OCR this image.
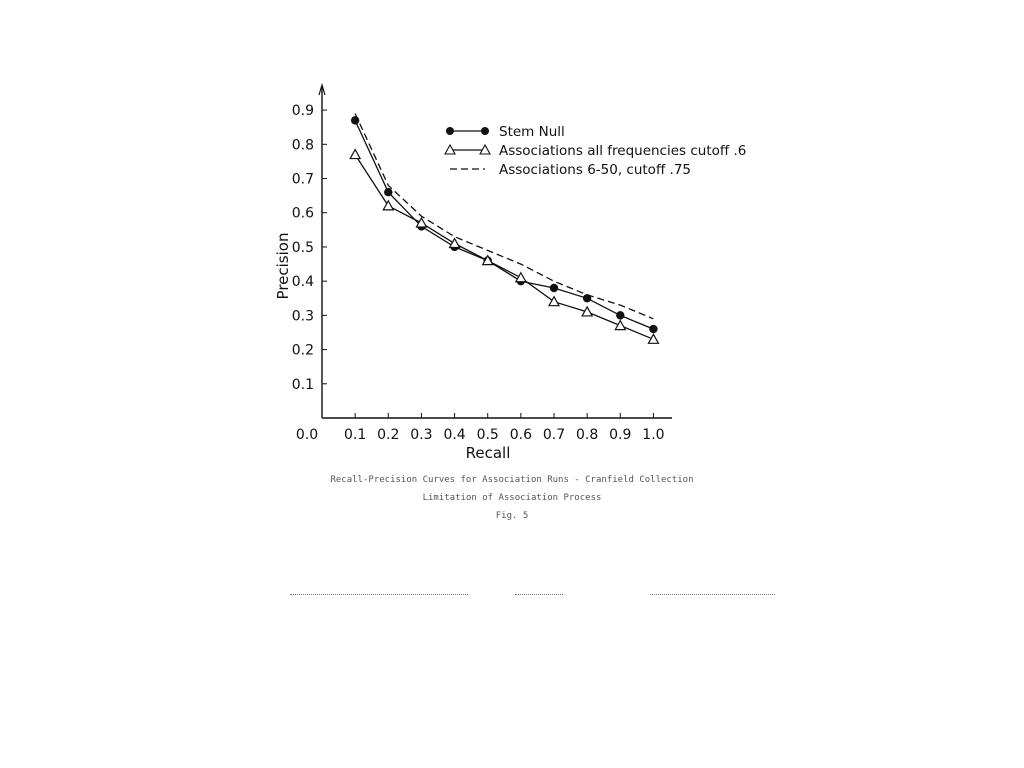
0.1 0.2 0.3 0.4 0.5 0.6 0.7 0.8 0.9 1.0
0.1
0.2
0.3
0.4
0.5
0.6
0.7
0.8
0.9
Stem Null
Associations all frequencies cutoff .6
Associations 6-50, cutoff .75
Recall
Precision
0.0
Recall-Precision Curves for Association Runs - Cranfield Collection
Limitation of Association Process
Fig. 5
